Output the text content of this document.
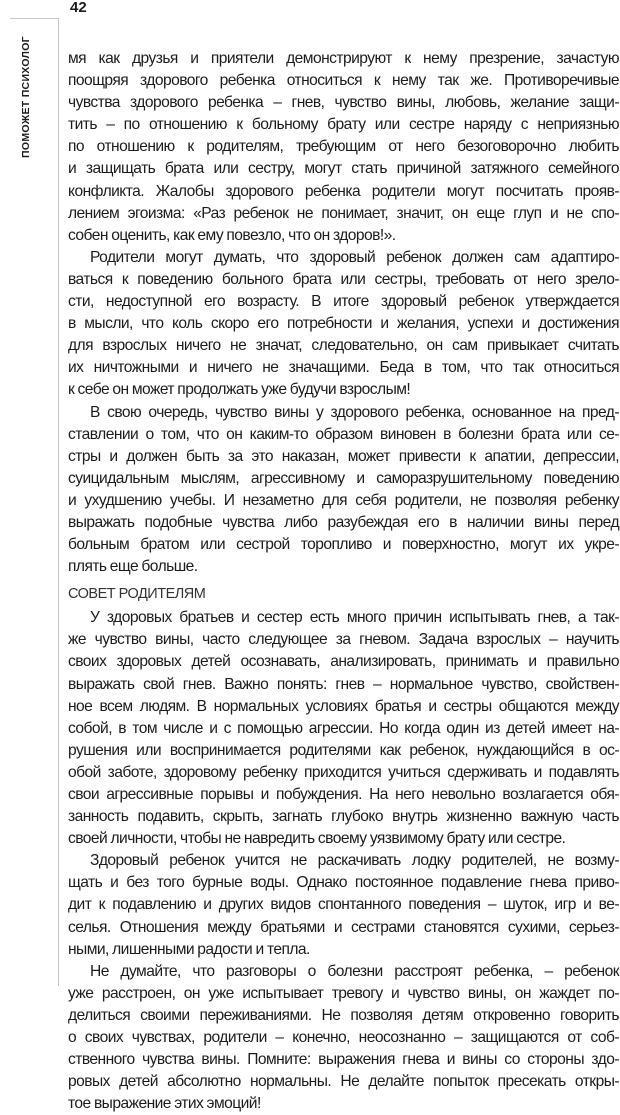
42
ПОМОЖЕТ ПСИХОЛОГ мя как друзья и приятели демонстрируют к нему презрение, зачастую
поощряя здорового ребенка относиться к нему так же. Противоречивые
чувства здорового ребенка – гнев, чувство вины, любовь, желание защи-
тить – по отношению к больному брату или сестре наряду с неприязнью
по отношению к родителям, требующим от него безоговорочно любить
и защищать брата или сестру, могут стать причиной затяжного семейного
конфликта. Жалобы здорового ребенка родители могут посчитать прояв-
лением эгоизма: «Раз ребенок не понимает, значит, он еще глуп и не спо-
собен оценить, как ему повезло, что он здоров!».
Родители могут думать, что здоровый ребенок должен сам адаптиро-
ваться к поведению больного брата или сестры, требовать от него зрело-
сти, недоступной его возрасту. В итоге здоровый ребенок утверждается
в мысли, что коль скоро его потребности и желания, успехи и достижения
для взрослых ничего не значат, следовательно, он сам привыкает считать
их ничтожными и ничего не значащими. Беда в том, что так относиться
к себе он может продолжать уже будучи взрослым!
В свою очередь, чувство вины у здорового ребенка, основанное на пред-
ставлении о том, что он каким-то образом виновен в болезни брата или се-
стры и должен быть за это наказан, может привести к апатии, депрессии,
суицидальным мыслям, агрессивному и саморазрушительному поведению
и ухудшению учебы. И незаметно для себя родители, не позволяя ребенку
выражать подобные чувства либо разубеждая его в наличии вины перед
больным братом или сестрой торопливо и поверхностно, могут их укре-
плять еще больше.
СОВЕТ РОДИТЕЛЯМ
У здоровых братьев и сестер есть много причин испытывать гнев, а так-
же чувство вины, часто следующее за гневом. Задача взрослых – научить
своих здоровых детей осознавать, анализировать, принимать и правильно
выражать свой гнев. Важно понять: гнев – нормальное чувство, свойствен-
ное всем людям. В нормальных условиях братья и сестры общаются между
собой, в том числе и с помощью агрессии. Но когда один из детей имеет на-
рушения или воспринимается родителями как ребенок, нуждающийся в ос-
обой заботе, здоровому ребенку приходится учиться сдерживать и подавлять
свои агрессивные порывы и побуждения. На него невольно возлагается обя-
занность подавить, скрыть, загнать глубоко внутрь жизненно важную часть
своей личности, чтобы не навредить своему уязвимому брату или сестре.
Здоровый ребенок учится не раскачивать лодку родителей, не возму-
щать и без того бурные воды. Однако постоянное подавление гнева приво-
дит к подавлению и других видов спонтанного поведения – шуток, игр и ве-
селья. Отношения между братьями и сестрами становятся сухими, серьез-
ными, лишенными радости и тепла.
Не думайте, что разговоры о болезни расстроят ребенка, – ребенок
уже расстроен, он уже испытывает тревогу и чувство вины, он жаждет по-
делиться своими переживаниями. Не позволяя детям откровенно говорить
о своих чувствах, родители – конечно, неосознанно – защищаются от соб-
ственного чувства вины. Помните: выражения гнева и вины со стороны здо-
ровых детей абсолютно нормальны. Не делайте попыток пресекать откры-
тое выражение этих эмоций!
